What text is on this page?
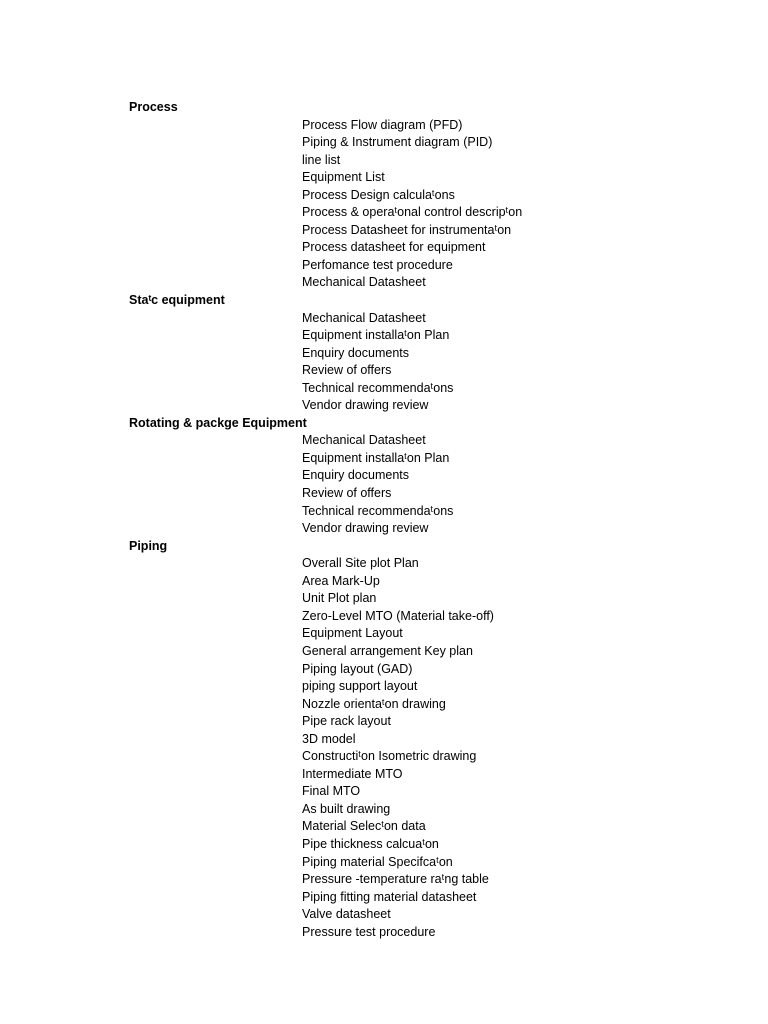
Process
Process Flow diagram (PFD)
Piping & Instrument diagram (PID)
line list
Equipment List
Process Design calculaᵗons
Process & operaᵗonal control descripᵗon
Process Datasheet for instrumentaᵗon
Process datasheet for equipment
Perfomance test procedure
Mechanical Datasheet
Staᵗc equipment
Mechanical Datasheet
Equipment installaᵗon Plan
Enquiry documents
Review of offers
Technical recommendaᵗons
Vendor drawing review
Rotating & packge Equipment
Mechanical Datasheet
Equipment installaᵗon Plan
Enquiry documents
Review of offers
Technical recommendaᵗons
Vendor drawing review
Piping
Overall Site plot Plan
Area Mark-Up
Unit Plot plan
Zero-Level MTO (Material take-off)
Equipment Layout
General arrangement Key plan
Piping layout (GAD)
piping support layout
Nozzle orientaᵗon drawing
Pipe rack layout
3D model
Constructiᵗon Isometric drawing
Intermediate MTO
Final MTO
As built drawing
Material Selecᵗon data
Pipe thickness calcuaᵗon
Piping material Specifcaᵗon
Pressure -temperature raᵗng table
Piping fitting material datasheet
Valve datasheet
Pressure test procedure
